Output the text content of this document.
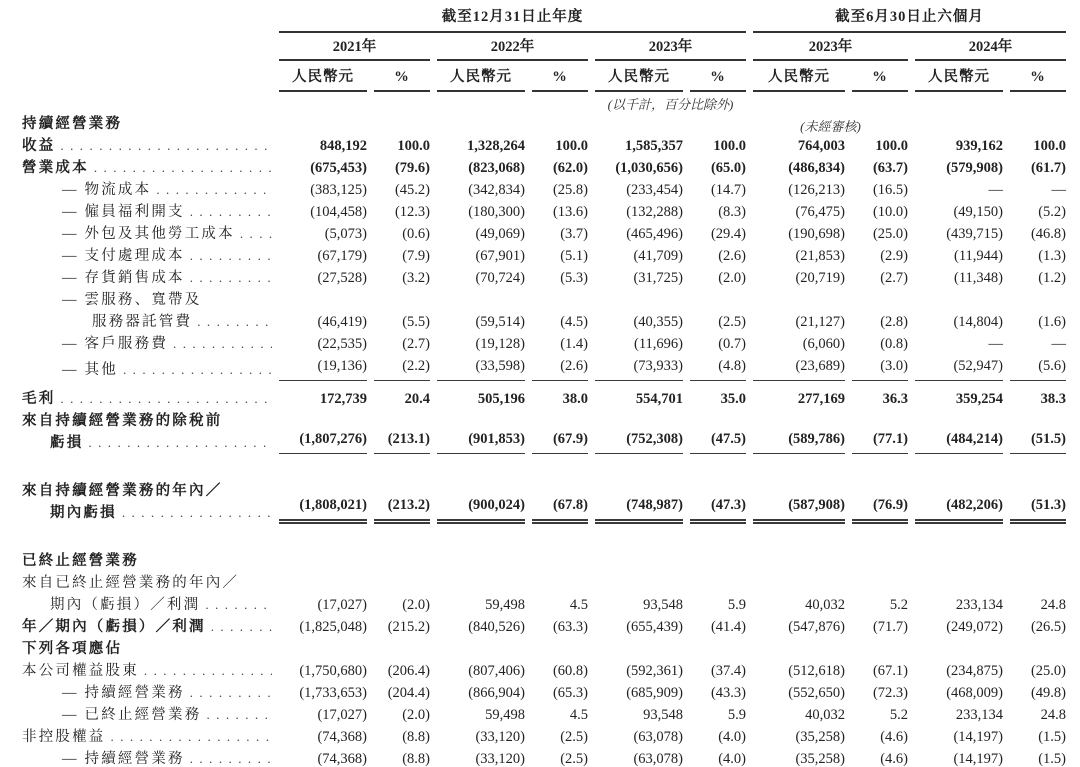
截至12月31日止年度	截至6月30日止六個月
2021年	2022年	2023年	2023年	2024年
人民幣元	%	人民幣元	%	人民幣元	%	人民幣元	%	人民幣元	%
(以千計，百分比除外)
持續經營業務	(未經審核)
收益 . . .	848,192	100.0	1,328,264	100.0	1,585,357	100.0	764,003	100.0	939,162	100.0
營業成本 . . .	(675,453)	(79.6)	(823,068)	(62.0)	(1,030,656)	(65.0)	(486,834)	(63.7)	(579,908)	(61.7)
— 物流成本 . . .	(383,125)	(45.2)	(342,834)	(25.8)	(233,454)	(14.7)	(126,213)	(16.5)	—	—
— 僱員福利開支 . . .	(104,458)	(12.3)	(180,300)	(13.6)	(132,288)	(8.3)	(76,475)	(10.0)	(49,150)	(5.2)
— 外包及其他勞工成本 . . .	(5,073)	(0.6)	(49,069)	(3.7)	(465,496)	(29.4)	(190,698)	(25.0)	(439,715)	(46.8)
— 支付處理成本 . . .	(67,179)	(7.9)	(67,901)	(5.1)	(41,709)	(2.6)	(21,853)	(2.9)	(11,944)	(1.3)
— 存貨銷售成本 . . .	(27,528)	(3.2)	(70,724)	(5.3)	(31,725)	(2.0)	(20,719)	(2.7)	(11,348)	(1.2)
— 雲服務、寬帶及
服務器託管費 . . .	(46,419)	(5.5)	(59,514)	(4.5)	(40,355)	(2.5)	(21,127)	(2.8)	(14,804)	(1.6)
— 客戶服務費 . . .	(22,535)	(2.7)	(19,128)	(1.4)	(11,696)	(0.7)	(6,060)	(0.8)	—	—
— 其他 . . .	(19,136)	(2.2)	(33,598)	(2.6)	(73,933)	(4.8)	(23,689)	(3.0)	(52,947)	(5.6)
毛利 . . .	172,739	20.4	505,196	38.0	554,701	35.0	277,169	36.3	359,254	38.3
來自持續經營業務的除稅前
虧損 . . .	(1,807,276)	(213.1)	(901,853)	(67.9)	(752,308)	(47.5)	(589,786)	(77.1)	(484,214)	(51.5)
來自持續經營業務的年內／
期內虧損 . . .	(1,808,021)	(213.2)	(900,024)	(67.8)	(748,987)	(47.3)	(587,908)	(76.9)	(482,206)	(51.3)
已終止經營業務
來自已終止經營業務的年內／
期內（虧損）／利潤 . . .	(17,027)	(2.0)	59,498	4.5	93,548	5.9	40,032	5.2	233,134	24.8
年／期內（虧損）／利潤 . . .	(1,825,048)	(215.2)	(840,526)	(63.3)	(655,439)	(41.4)	(547,876)	(71.7)	(249,072)	(26.5)
下列各項應佔
本公司權益股東 . . .	(1,750,680)	(206.4)	(807,406)	(60.8)	(592,361)	(37.4)	(512,618)	(67.1)	(234,875)	(25.0)
— 持續經營業務 . . .	(1,733,653)	(204.4)	(866,904)	(65.3)	(685,909)	(43.3)	(552,650)	(72.3)	(468,009)	(49.8)
— 已終止經營業務 . . .	(17,027)	(2.0)	59,498	4.5	93,548	5.9	40,032	5.2	233,134	24.8
非控股權益 . . .	(74,368)	(8.8)	(33,120)	(2.5)	(63,078)	(4.0)	(35,258)	(4.6)	(14,197)	(1.5)
— 持續經營業務 . . .	(74,368)	(8.8)	(33,120)	(2.5)	(63,078)	(4.0)	(35,258)	(4.6)	(14,197)	(1.5)
